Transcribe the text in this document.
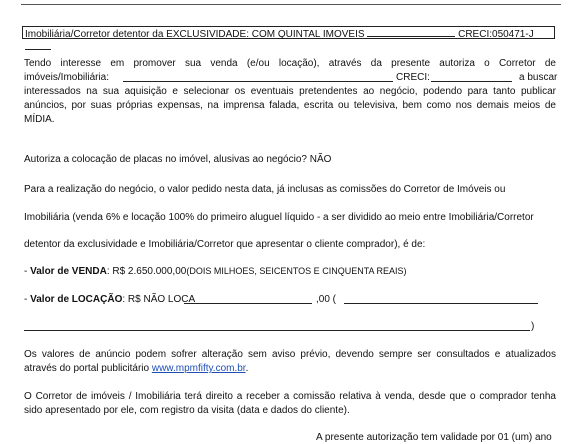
Imobiliária/Corretor detentor da EXCLUSIVIDADE: COM QUINTAL IMOVEIS	CRECI:050471-J
Tendo interesse em promover sua venda (e/ou locação), através da presente autoriza o Corretor de
imóveis/Imobiliária:	CRECI:	a buscar
interessados na sua aquisição e selecionar os eventuais pretendentes ao negócio, podendo para tanto publicar
anúncios, por suas próprias expensas, na imprensa falada, escrita ou televisiva, bem como nos demais meios de
MÍDIA.
Autoriza a colocação de placas no imóvel, alusivas ao negócio? NÃO
Para a realização do negócio, o valor pedido nesta data, já inclusas as comissões do Corretor de Imóveis ou
Imobiliária (venda 6% e locação 100% do primeiro aluguel líquido - a ser dividido ao meio entre Imobiliária/Corretor
detentor da exclusividade e Imobiliária/Corretor que apresentar o cliente comprador), é de:
- Valor de VENDA: R$ 2.650.000,00(DOIS MILHOES, SEICENTOS E CINQUENTA REAIS)
- Valor de LOCAÇÃO: R$ NÃO LOCA	,00 (
)
Os valores de anúncio podem sofrer alteração sem aviso prévio, devendo sempre ser consultados e atualizados
através do portal publicitário www.mpmfifty.com.br.
O Corretor de imóveis / Imobiliária terá direito a receber a comissão relativa à venda, desde que o comprador tenha
sido apresentado por ele, com registro da visita (data e dados do cliente).
A presente autorização tem validade por 01 (um) ano
